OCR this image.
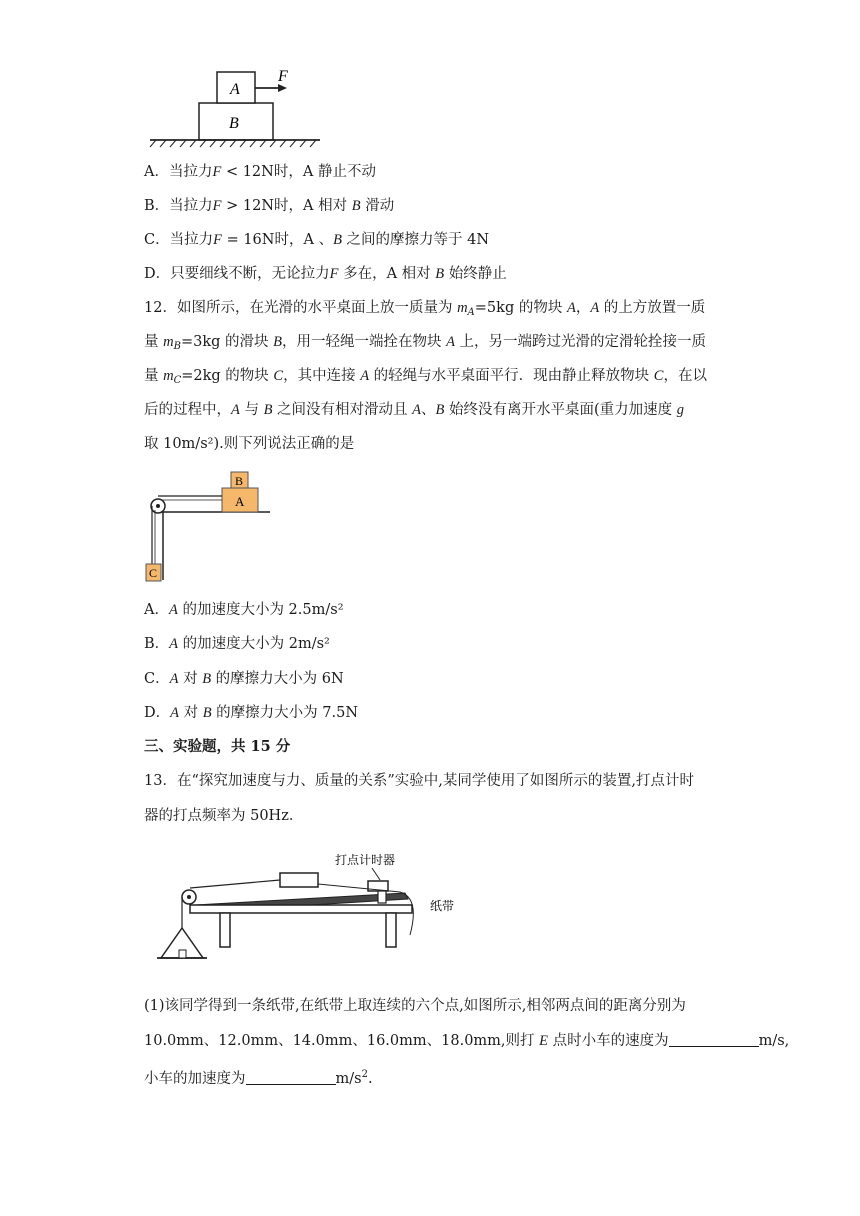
A
B
F
A．当拉力F < 12N时，A 静止不动
B．当拉力F > 12N时，A 相对 B 滑动
C．当拉力F = 16N时，A 、B 之间的摩擦力等于 4N
D．只要细线不断，无论拉力F 多在，A 相对 B 始终静止
12．如图所示，在光滑的水平桌面上放一质量为 $m_A=5kg$ 的物块 A，A 的上方放置一质
量 $m_B=3kg$ 的滑块 B，用一轻绳一端拴在物块 A 上，另一端跨过光滑的定滑轮拴接一质
量 $m_C=2kg$ 的物块 C，其中连接 A 的轻绳与水平桌面平行．现由静止释放物块 C，在以
后的过程中，A 与 B 之间没有相对滑动且 A、B 始终没有离开水平桌面(重力加速度 g
取 10m/s²).则下列说法正确的是
A
B
C
A．A 的加速度大小为 2.5m/s²
B．A 的加速度大小为 2m/s²
C．A 对 B 的摩擦力大小为 6N
D．A 对 B 的摩擦力大小为 7.5N
三、实验题，共 15 分
13．在“探究加速度与力、质量的关系”实验中,某同学使用了如图所示的装置,打点计时
器的打点频率为 50Hz．
打点计时器
纸带
(1)该同学得到一条纸带,在纸带上取连续的六个点,如图所示,相邻两点间的距离分别为
10.0mm、12.0mm、14.0mm、16.0mm、18.0mm,则打 E 点时小车的速度为	m/s,
小车的加速度为	$m/s^2$.
